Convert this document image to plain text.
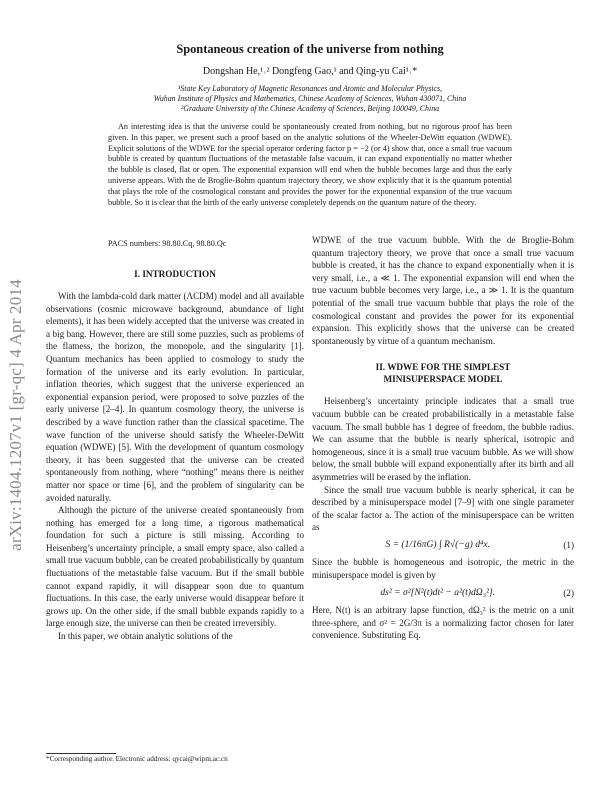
arXiv:1404.1207v1 [gr-qc] 4 Apr 2014
Spontaneous creation of the universe from nothing
Dongshan He,¹˒² Dongfeng Gao,¹ and Qing-yu Cai¹˒*
¹State Key Laboratory of Magnetic Resonances and Atomic and Molecular Physics,
Wuhan Institute of Physics and Mathematics, Chinese Academy of Sciences, Wuhan 430071, China
²Graduate University of the Chinese Academy of Sciences, Beijing 100049, China
An interesting idea is that the universe could be spontaneously created from nothing, but no rigorous proof has been given. In this paper, we present such a proof based on the analytic solutions of the Wheeler-DeWitt equation (WDWE). Explicit solutions of the WDWE for the special operator ordering factor p = −2 (or 4) show that, once a small true vacuum bubble is created by quantum fluctuations of the metastable false vacuum, it can expand exponentially no matter whether the bubble is closed, flat or open. The exponential expansion will end when the bubble becomes large and thus the early universe appears. With the de Broglie-Bohm quantum trajectory theory, we show explicitly that it is the quantum potential that plays the role of the cosmological constant and provides the power for the exponential expansion of the true vacuum bubble. So it is clear that the birth of the early universe completely depends on the quantum nature of the theory.
PACS numbers: 98.80.Cq, 98.80.Qc
I. INTRODUCTION

With the lambda-cold dark matter (ΛCDM) model and all available observations (cosmic microwave background, abundance of light elements), it has been widely accepted that the universe was created in a big bang. However, there are still some puzzles, such as problems of the flatness, the horizon, the monopole, and the singularity [1]. Quantum mechanics has been applied to cosmology to study the formation of the universe and its early evolution. In particular, inflation theories, which suggest that the universe experienced an exponential expansion period, were proposed to solve puzzles of the early universe [2–4]. In quantum cosmology theory, the universe is described by a wave function rather than the classical spacetime. The wave function of the universe should satisfy the Wheeler-DeWitt equation (WDWE) [5]. With the development of quantum cosmology theory, it has been suggested that the universe can be created spontaneously from nothing, where “nothing” means there is neither matter nor space or time [6], and the problem of singularity can be avoided naturally.

Although the picture of the universe created spontaneously from nothing has emerged for a long time, a rigorous mathematical foundation for such a picture is still missing. According to Heisenberg’s uncertainty principle, a small empty space, also called a small true vacuum bubble, can be created probabilistically by quantum fluctuations of the metastable false vacuum. But if the small bubble cannot expand rapidly, it will disappear soon due to quantum fluctuations. In this case, the early universe would disappear before it grows up. On the other side, if the small bubble expands rapidly to a large enough size, the universe can then be created irreversibly.

In this paper, we obtain analytic solutions of the

WDWE of the true vacuum bubble. With the de Broglie-Bohm quantum trajectory theory, we prove that once a small true vacuum bubble is created, it has the chance to expand exponentially when it is very small, i.e., a ≪ 1. The exponential expansion will end when the true vacuum bubble becomes very large, i.e., a ≫ 1. It is the quantum potential of the small true vacuum bubble that plays the role of the cosmological constant and provides the power for its exponential expansion. This explicitly shows that the universe can be created spontaneously by virtue of a quantum mechanism.

II. WDWE FOR THE SIMPLEST
MINISUPERSPACE MODEL

Heisenberg’s uncertainty principle indicates that a small true vacuum bubble can be created probabilistically in a metastable false vacuum. The small bubble has 1 degree of freedom, the bubble radius. We can assume that the bubble is nearly spherical, isotropic and homogeneous, since it is a small true vacuum bubble. As we will show below, the small bubble will expand exponentially after its birth and all asymmetries will be erased by the inflation.

Since the small true vacuum bubble is nearly spherical, it can be described by a minisuperspace model [7–9] with one single parameter of the scalar factor a. The action of the minisuperspace can be written as

S = (1/16πG) ∫ R√(−g) d⁴x.	(1)

Since the bubble is homogeneous and isotropic, the metric in the minisuperspace model is given by

ds² = σ²[N²(t)dt² − a²(t)dΩ₃²].	(2)

Here, N(t) is an arbitrary lapse function, dΩ₃² is the metric on a unit three-sphere, and σ² = 2G/3π is a normalizing factor chosen for later convenience. Substituting Eq.

*Corresponding author. Electronic address: qycai@wipm.ac.cn
